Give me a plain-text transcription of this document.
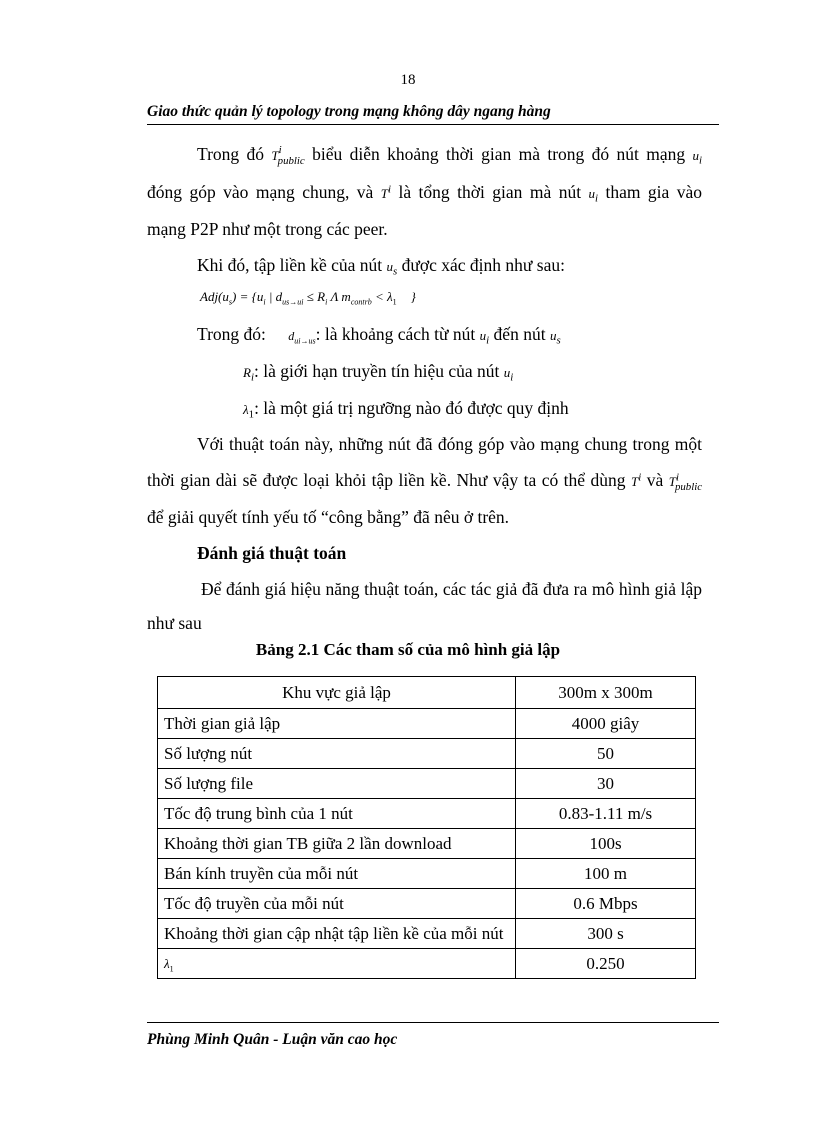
18
Giao thức quản lý topology trong mạng không dây ngang hàng
Trong đó $T^i_{public}$ biểu diễn khoảng thời gian mà trong đó nút mạng $u_i$
đóng góp vào mạng chung, và $T^i$ là tổng thời gian mà nút $u_i$ tham gia vào
mạng P2P như một trong các peer.
Khi đó, tập liền kề của nút $u_s$ được xác định như sau:
$Adj(u_s) = \{u_i$ | $d_{us\to ui} \le R_i$ Λ $m_{contrb} < \lambda_1$ }
Trong đó: $d_{ui\to us}$: là khoảng cách từ nút $u_i$ đến nút $u_s$
$R_i$: là giới hạn truyền tín hiệu của nút $u_i$
$\lambda_1$: là một giá trị ngưỡng nào đó được quy định
Với thuật toán này, những nút đã đóng góp vào mạng chung trong một
thời gian dài sẽ được loại khỏi tập liền kề. Như vậy ta có thể dùng $T^i$ và $T^i_{public}$
để giải quyết tính yếu tố “công bằng” đã nêu ở trên.
Đánh giá thuật toán
Để đánh giá hiệu năng thuật toán, các tác giả đã đưa ra mô hình giả lập
như sau
Bảng 2.1 Các tham số của mô hình giả lập
Khu vực giả lập	300m x 300m
Thời gian giả lập	4000 giây
Số lượng nút	50
Số lượng file	30
Tốc độ trung bình của 1 nút	0.83-1.11 m/s
Khoảng thời gian TB giữa 2 lần download	100s
Bán kính truyền của mỗi nút	100 m
Tốc độ truyền của mỗi nút	0.6 Mbps
Khoảng thời gian cập nhật tập liền kề của mỗi nút	300 s
$\lambda_1$	0.250
Phùng Minh Quân - Luận văn cao học
